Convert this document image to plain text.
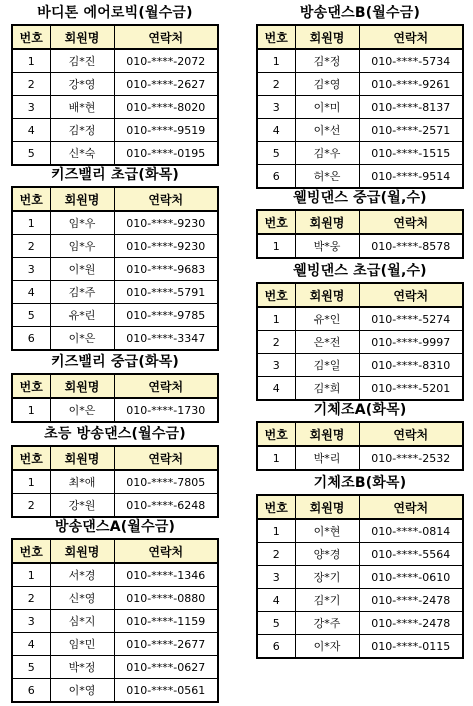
바디톤 에어로빅(월수금)
번호	회원명	연락처
1	김*진	010-****-2072
2	강*영	010-****-2627
3	배*현	010-****-8020
4	김*정	010-****-9519
5	신*숙	010-****-0195
키즈밸리 초급(화목)
번호	회원명	연락처
1	임*우	010-****-9230
2	임*우	010-****-9230
3	이*원	010-****-9683
4	김*주	010-****-5791
5	유*린	010-****-9785
6	이*은	010-****-3347
키즈밸리 중급(화목)
번호	회원명	연락처
1	이*은	010-****-1730
초등 방송댄스(월수금)
번호	회원명	연락처
1	최*애	010-****-7805
2	강*원	010-****-6248
방송댄스A(월수금)
번호	회원명	연락처
1	서*경	010-****-1346
2	신*영	010-****-0880
3	심*지	010-****-1159
4	임*민	010-****-2677
5	박*정	010-****-0627
6	이*영	010-****-0561
방송댄스B(월수금)
번호	회원명	연락처
1	김*정	010-****-5734
2	김*영	010-****-9261
3	이*미	010-****-8137
4	이*선	010-****-2571
5	김*우	010-****-1515
6	허*은	010-****-9514
웰빙댄스 중급(월,수)
번호	회원명	연락처
1	박*웅	010-****-8578
웰빙댄스 초급(월,수)
번호	회원명	연락처
1	유*인	010-****-5274
2	은*전	010-****-9997
3	김*일	010-****-8310
4	김*희	010-****-5201
기체조A(화목)
번호	회원명	연락처
1	박*리	010-****-2532
기체조B(화목)
번호	회원명	연락처
1	이*현	010-****-0814
2	양*경	010-****-5564
3	장*기	010-****-0610
4	김*기	010-****-2478
5	강*주	010-****-2478
6	이*자	010-****-0115
